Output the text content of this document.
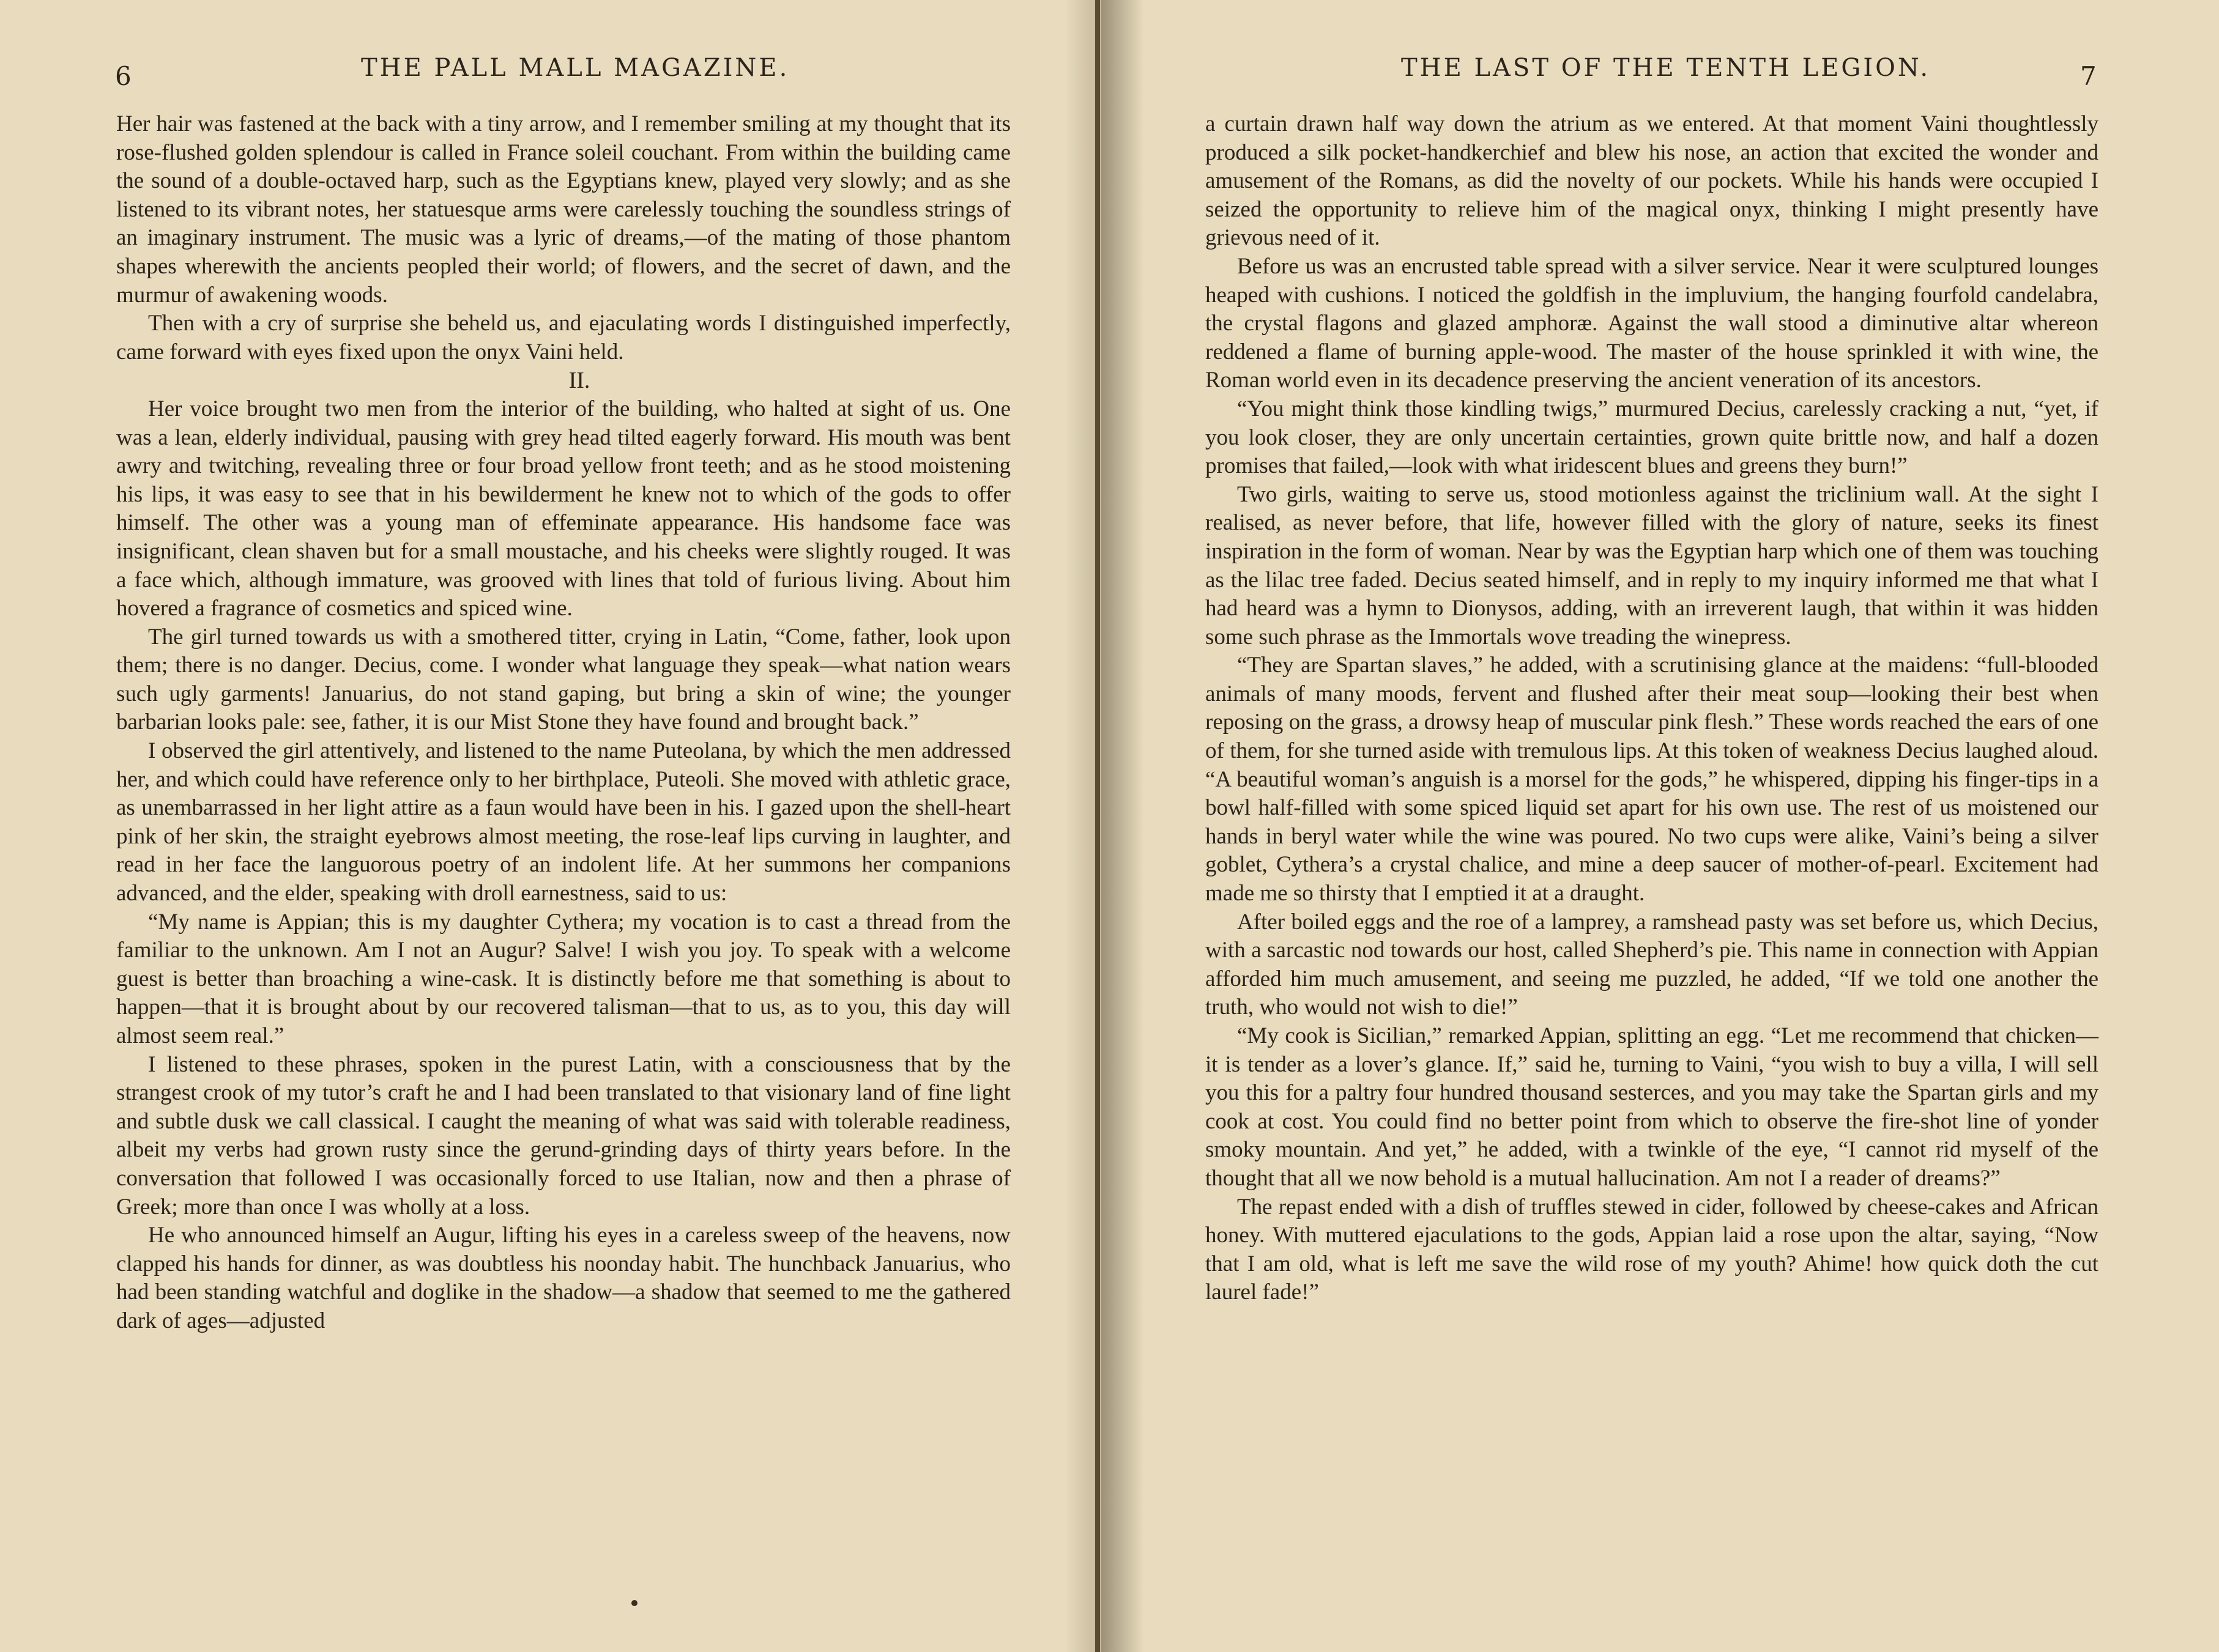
6	THE PALL MALL MAGAZINE.

Her hair was fastened at the back with a tiny arrow, and I remember smiling at my thought that its rose-flushed golden splendour is called in France soleil couchant. From within the building came the sound of a double-octaved harp, such as the Egyptians knew, played very slowly; and as she listened to its vibrant notes, her statuesque arms were carelessly touching the soundless strings of an imaginary instrument. The music was a lyric of dreams,—of the mating of those phantom shapes wherewith the ancients peopled their world; of flowers, and the secret of dawn, and the murmur of awakening woods.

Then with a cry of surprise she beheld us, and ejaculating words I distinguished imperfectly, came forward with eyes fixed upon the onyx Vaini held.

II.

Her voice brought two men from the interior of the building, who halted at sight of us. One was a lean, elderly individual, pausing with grey head tilted eagerly forward. His mouth was bent awry and twitching, revealing three or four broad yellow front teeth; and as he stood moistening his lips, it was easy to see that in his bewilderment he knew not to which of the gods to offer himself. The other was a young man of effeminate appearance. His handsome face was insignificant, clean shaven but for a small moustache, and his cheeks were slightly rouged. It was a face which, although immature, was grooved with lines that told of furious living. About him hovered a fragrance of cosmetics and spiced wine.

The girl turned towards us with a smothered titter, crying in Latin, “Come, father, look upon them; there is no danger. Decius, come. I wonder what language they speak—what nation wears such ugly garments! Januarius, do not stand gaping, but bring a skin of wine; the younger barbarian looks pale: see, father, it is our Mist Stone they have found and brought back.”

I observed the girl attentively, and listened to the name Puteolana, by which the men addressed her, and which could have reference only to her birthplace, Puteoli. She moved with athletic grace, as unembarrassed in her light attire as a faun would have been in his. I gazed upon the shell-heart pink of her skin, the straight eyebrows almost meeting, the rose-leaf lips curving in laughter, and read in her face the languorous poetry of an indolent life. At her summons her companions advanced, and the elder, speaking with droll earnestness, said to us:

“My name is Appian; this is my daughter Cythera; my vocation is to cast a thread from the familiar to the unknown. Am I not an Augur? Salve! I wish you joy. To speak with a welcome guest is better than broaching a wine-cask. It is distinctly before me that something is about to happen—that it is brought about by our recovered talisman—that to us, as to you, this day will almost seem real.”

I listened to these phrases, spoken in the purest Latin, with a consciousness that by the strangest crook of my tutor’s craft he and I had been translated to that visionary land of fine light and subtle dusk we call classical. I caught the meaning of what was said with tolerable readiness, albeit my verbs had grown rusty since the gerund-grinding days of thirty years before. In the conversation that followed I was occasionally forced to use Italian, now and then a phrase of Greek; more than once I was wholly at a loss.

He who announced himself an Augur, lifting his eyes in a careless sweep of the heavens, now clapped his hands for dinner, as was doubtless his noonday habit. The hunchback Januarius, who had been standing watchful and doglike in the shadow—a shadow that seemed to me the gathered dark of ages—adjusted

THE LAST OF THE TENTH LEGION.	7

a curtain drawn half way down the atrium as we entered. At that moment Vaini thoughtlessly produced a silk pocket-handkerchief and blew his nose, an action that excited the wonder and amusement of the Romans, as did the novelty of our pockets. While his hands were occupied I seized the opportunity to relieve him of the magical onyx, thinking I might presently have grievous need of it.

Before us was an encrusted table spread with a silver service. Near it were sculptured lounges heaped with cushions. I noticed the goldfish in the impluvium, the hanging fourfold candelabra, the crystal flagons and glazed amphoræ. Against the wall stood a diminutive altar whereon reddened a flame of burning apple-wood. The master of the house sprinkled it with wine, the Roman world even in its decadence preserving the ancient veneration of its ancestors.

“You might think those kindling twigs,” murmured Decius, carelessly cracking a nut, “yet, if you look closer, they are only uncertain certainties, grown quite brittle now, and half a dozen promises that failed,—look with what iridescent blues and greens they burn!”

Two girls, waiting to serve us, stood motionless against the triclinium wall. At the sight I realised, as never before, that life, however filled with the glory of nature, seeks its finest inspiration in the form of woman. Near by was the Egyptian harp which one of them was touching as the lilac tree faded. Decius seated himself, and in reply to my inquiry informed me that what I had heard was a hymn to Dionysos, adding, with an irreverent laugh, that within it was hidden some such phrase as the Immortals wove treading the winepress.

“They are Spartan slaves,” he added, with a scrutinising glance at the maidens: “full-blooded animals of many moods, fervent and flushed after their meat soup—looking their best when reposing on the grass, a drowsy heap of muscular pink flesh.” These words reached the ears of one of them, for she turned aside with tremulous lips. At this token of weakness Decius laughed aloud. “A beautiful woman’s anguish is a morsel for the gods,” he whispered, dipping his finger-tips in a bowl half-filled with some spiced liquid set apart for his own use. The rest of us moistened our hands in beryl water while the wine was poured. No two cups were alike, Vaini’s being a silver goblet, Cythera’s a crystal chalice, and mine a deep saucer of mother-of-pearl. Excitement had made me so thirsty that I emptied it at a draught.

After boiled eggs and the roe of a lamprey, a ramshead pasty was set before us, which Decius, with a sarcastic nod towards our host, called Shepherd’s pie. This name in connection with Appian afforded him much amusement, and seeing me puzzled, he added, “If we told one another the truth, who would not wish to die!”

“My cook is Sicilian,” remarked Appian, splitting an egg. “Let me recommend that chicken—it is tender as a lover’s glance. If,” said he, turning to Vaini, “you wish to buy a villa, I will sell you this for a paltry four hundred thousand sesterces, and you may take the Spartan girls and my cook at cost. You could find no better point from which to observe the fire-shot line of yonder smoky mountain. And yet,” he added, with a twinkle of the eye, “I cannot rid myself of the thought that all we now behold is a mutual hallucination. Am not I a reader of dreams?”

The repast ended with a dish of truffles stewed in cider, followed by cheese-cakes and African honey. With muttered ejaculations to the gods, Appian laid a rose upon the altar, saying, “Now that I am old, what is left me save the wild rose of my youth? Ahime! how quick doth the cut laurel fade!”
